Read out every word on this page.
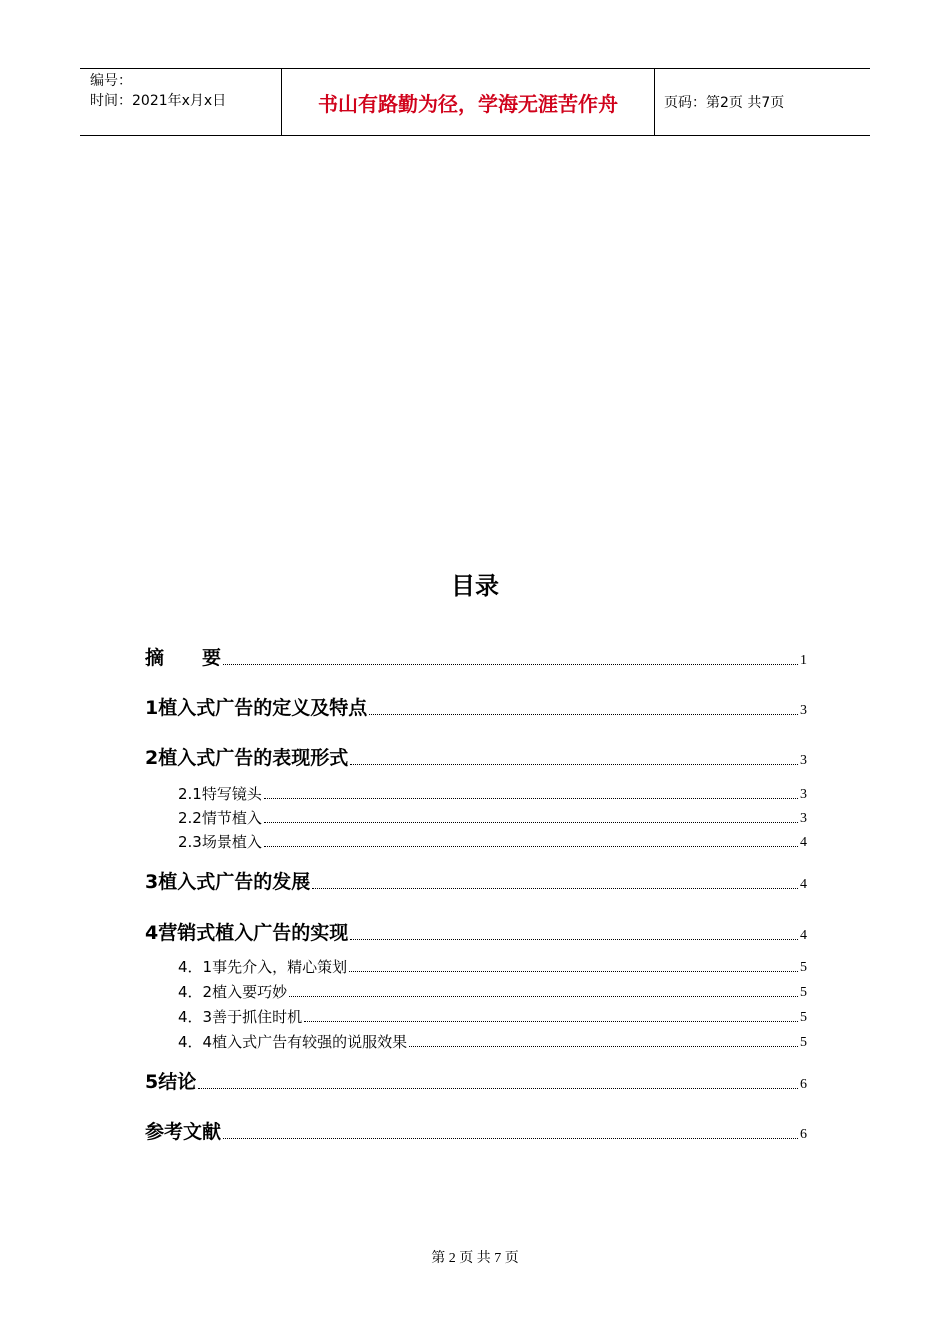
编号：
时间：2021年x月x日	书山有路勤为径，学海无涯苦作舟	页码：第2页 共7页
目录
摘　　要	1
1植入式广告的定义及特点	3
2植入式广告的表现形式	3
2.1特写镜头	3
2.2情节植入	3
2.3场景植入	4
3植入式广告的发展	4
4营销式植入广告的实现	4
4．1事先介入，精心策划	5
4．2植入要巧妙	5
4．3善于抓住时机	5
4．4植入式广告有较强的说服效果	5
5结论	6
参考文献	6
第 2 页 共 7 页
